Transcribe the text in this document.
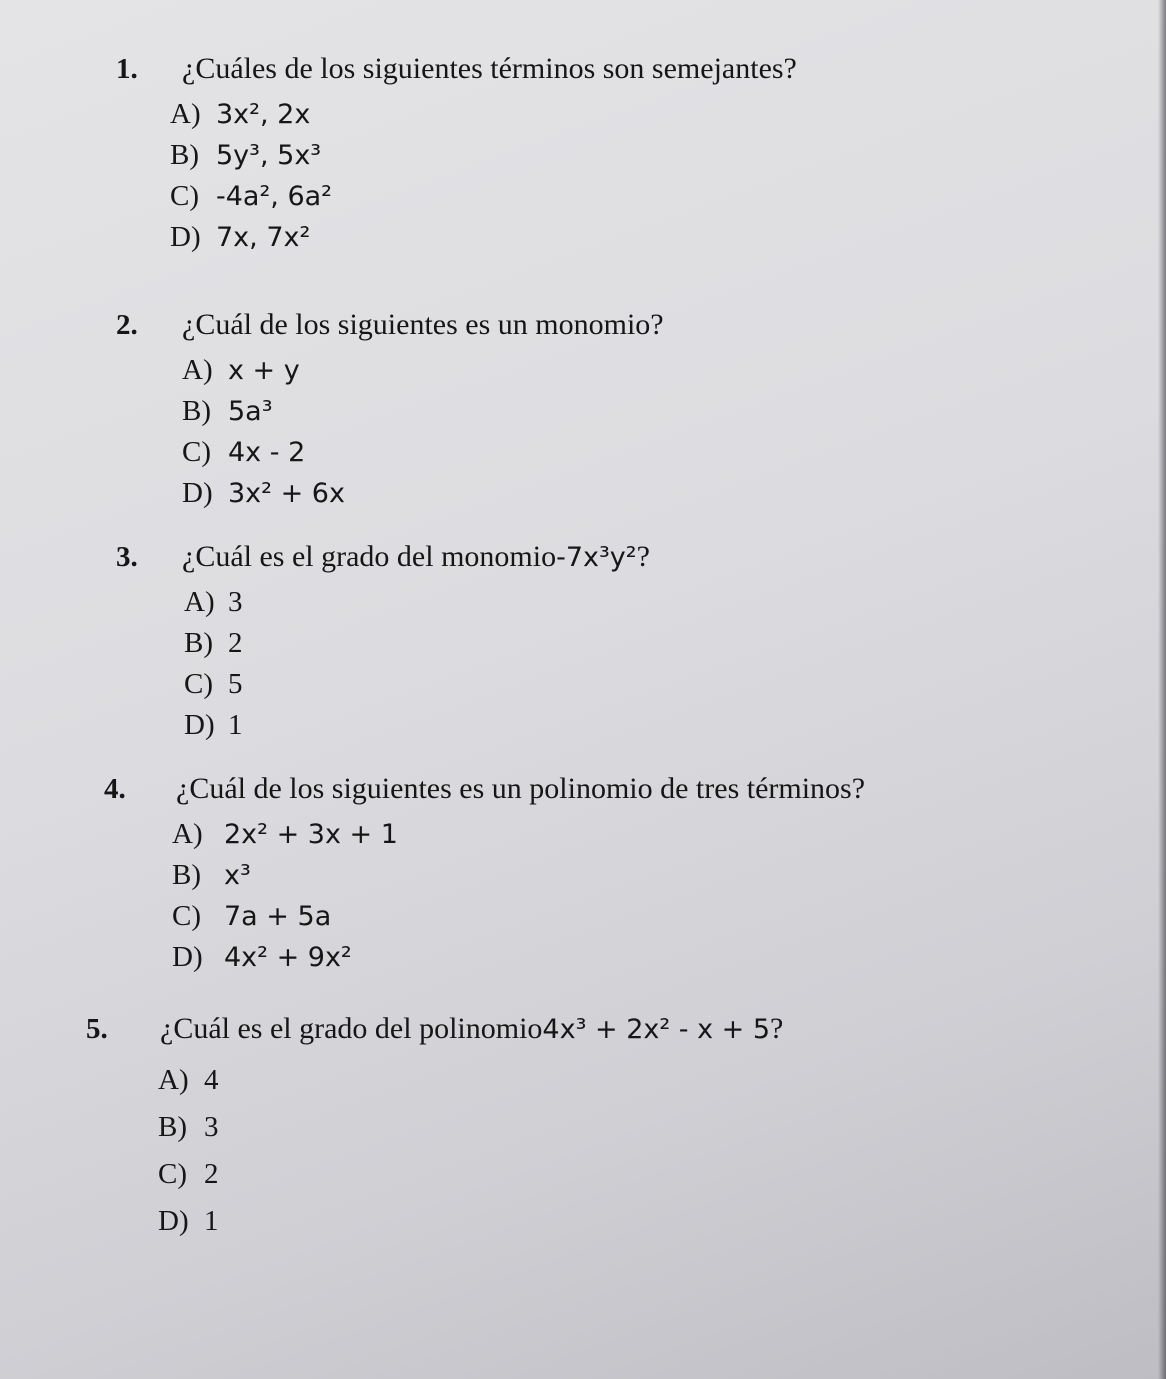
1.	¿Cuáles de los siguientes términos son semejantes?
A) 3x², 2x
B) 5y³, 5x³
C) -4a², 6a²
D) 7x, 7x²
2.	¿Cuál de los siguientes es un monomio?
A) x + y
B) 5a³
C) 4x - 2
D) 3x² + 6x
3.	¿Cuál es el grado del monomio -7x³y² ?
A) 3
B) 2
C) 5
D) 1
4.	¿Cuál de los siguientes es un polinomio de tres términos?
A) 2x² + 3x + 1
B) x³
C) 7a + 5a
D) 4x² + 9x²
5.	¿Cuál es el grado del polinomio 4x³ + 2x² - x + 5 ?
A) 4
B) 3
C) 2
D) 1
